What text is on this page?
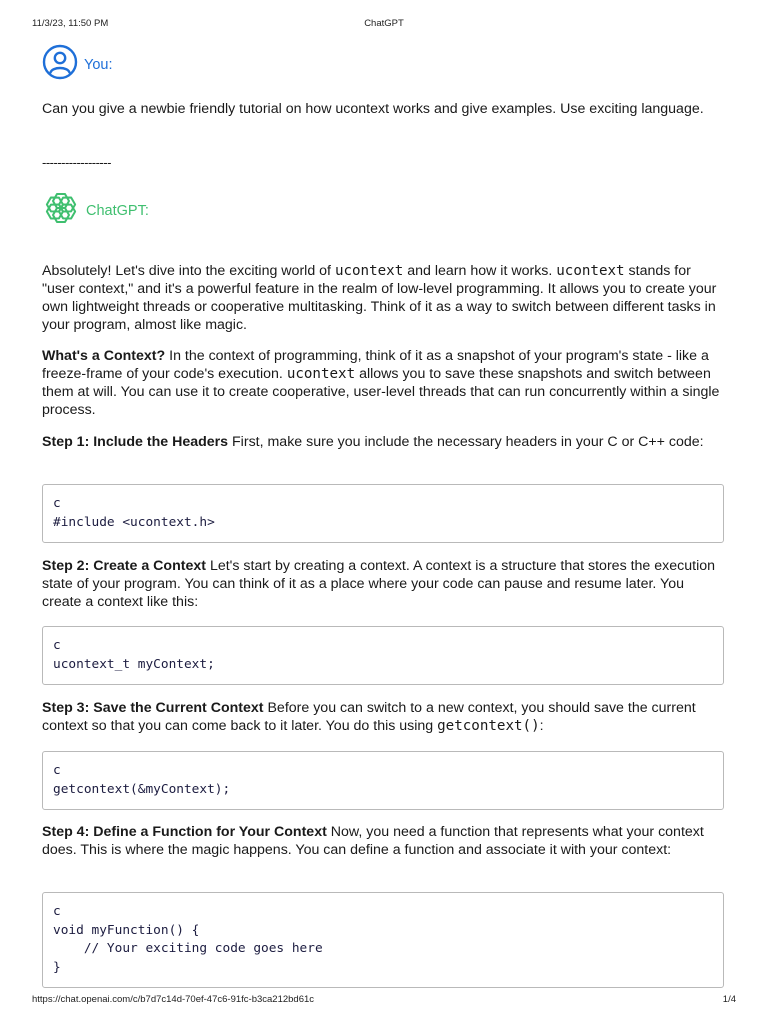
11/3/23, 11:50 PM	ChatGPT
You:
Can you give a newbie friendly tutorial on how ucontext works and give examples. Use exciting language.
------------------
ChatGPT:

Absolutely! Let's dive into the exciting world of ucontext and learn how it works. ucontext stands for "user context," and it's a powerful feature in the realm of low-level programming. It allows you to create your own lightweight threads or cooperative multitasking. Think of it as a way to switch between different tasks in your program, almost like magic.

What's a Context? In the context of programming, think of it as a snapshot of your program's state - like a freeze-frame of your code's execution. ucontext allows you to save these snapshots and switch between them at will. You can use it to create cooperative, user-level threads that can run concurrently within a single process.

Step 1: Include the Headers First, make sure you include the necessary headers in your C or C++ code:

c
#include <ucontext.h>

Step 2: Create a Context Let's start by creating a context. A context is a structure that stores the execution state of your program. You can think of it as a place where your code can pause and resume later. You create a context like this:

c
ucontext_t myContext;

Step 3: Save the Current Context Before you can switch to a new context, you should save the current context so that you can come back to it later. You do this using getcontext():

c
getcontext(&myContext);

Step 4: Define a Function for Your Context Now, you need a function that represents what your context does. This is where the magic happens. You can define a function and associate it with your context:

c
void myFunction() {
// Your exciting code goes here
}
https://chat.openai.com/c/b7d7c14d-70ef-47c6-91fc-b3ca212bd61c	1/4
